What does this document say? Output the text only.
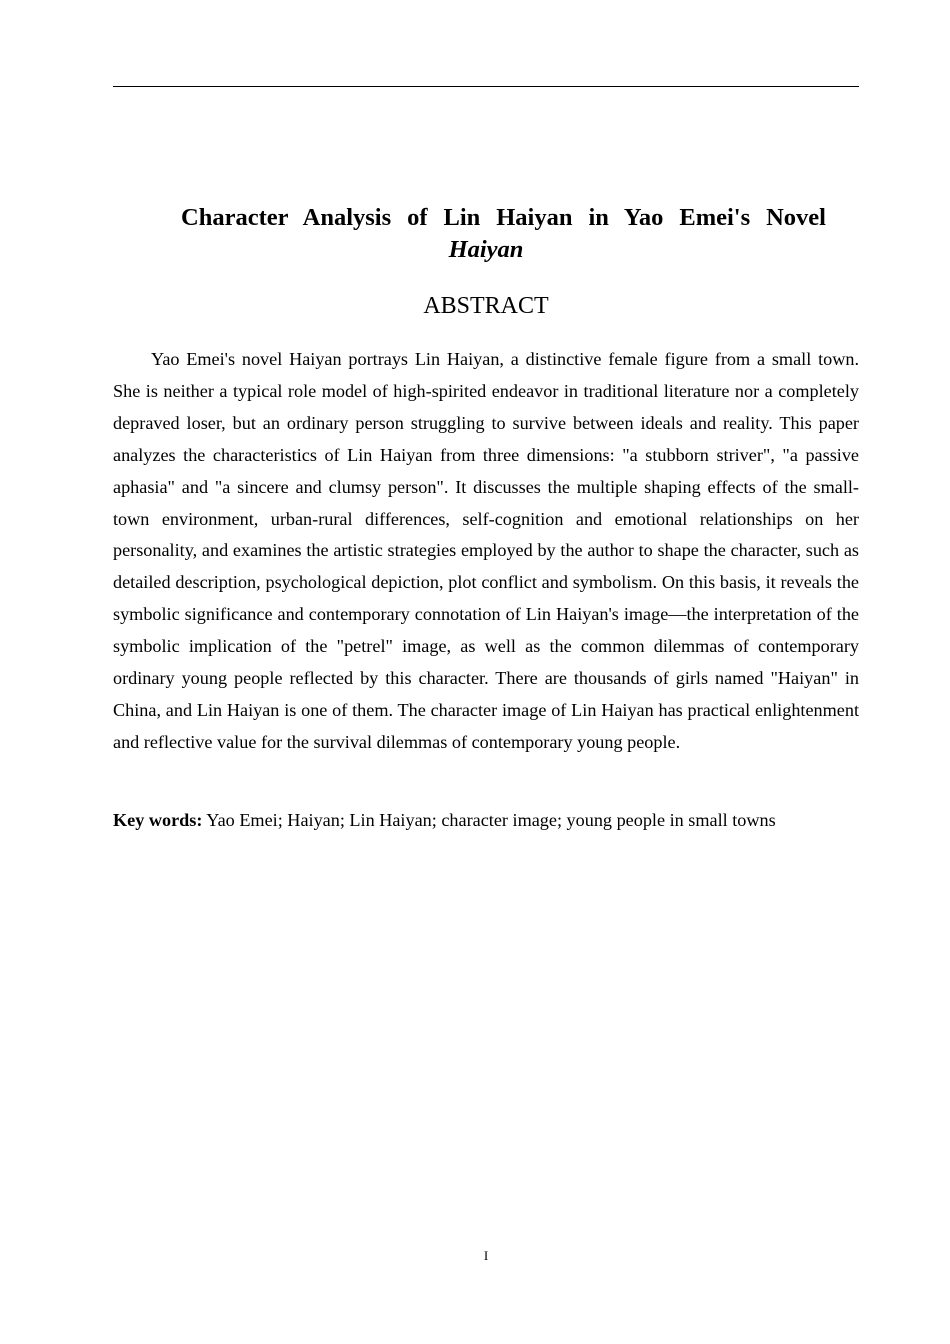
Character Analysis of Lin Haiyan in Yao Emei's Novel
Haiyan
ABSTRACT

Yao Emei's novel Haiyan portrays Lin Haiyan, a distinctive female figure from a small town. She is neither a typical role model of high-spirited endeavor in traditional literature nor a completely depraved loser, but an ordinary person struggling to survive between ideals and reality. This paper analyzes the characteristics of Lin Haiyan from three dimensions: "a stubborn striver", "a passive aphasia" and "a sincere and clumsy person". It discusses the multiple shaping effects of the small-town environment, urban-rural differences, self-cognition and emotional relationships on her personality, and examines the artistic strategies employed by the author to shape the character, such as detailed description, psychological depiction, plot conflict and symbolism. On this basis, it reveals the symbolic significance and contemporary connotation of Lin Haiyan's image—the interpretation of the symbolic implication of the "petrel" image, as well as the common dilemmas of contemporary ordinary young people reflected by this character. There are thousands of girls named "Haiyan" in China, and Lin Haiyan is one of them. The character image of Lin Haiyan has practical enlightenment and reflective value for the survival dilemmas of contemporary young people.

Key words: Yao Emei; Haiyan; Lin Haiyan; character image; young people in small towns

I
